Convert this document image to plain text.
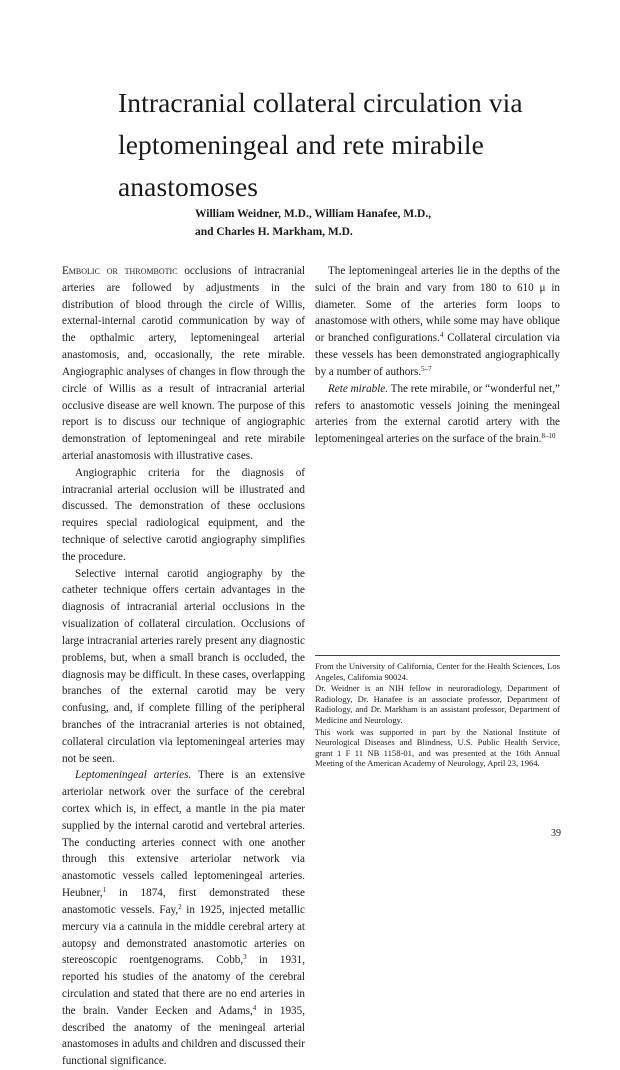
Intracranial collateral circulation via leptomeningeal and rete mirabile anastomoses
William Weidner, M.D., William Hanafee, M.D.,
and Charles H. Markham, M.D.

Embolic or thrombotic occlusions of intracranial arteries are followed by adjustments in the distribution of blood through the circle of Willis, external-internal carotid communication by way of the opthalmic artery, leptomeningeal arterial anastomosis, and, occasionally, the rete mirable. Angiographic analyses of changes in flow through the circle of Willis as a result of intracranial arterial occlusive disease are well known. The purpose of this report is to discuss our technique of angiographic demonstration of leptomeningeal and rete mirabile arterial anastomosis with illustrative cases.

Angiographic criteria for the diagnosis of intracranial arterial occlusion will be illustrated and discussed. The demonstration of these occlusions requires special radiological equipment, and the technique of selective carotid angiography simplifies the procedure.

Selective internal carotid angiography by the catheter technique offers certain advantages in the diagnosis of intracranial arterial occlusions in the visualization of collateral circulation. Occlusions of large intracranial arteries rarely present any diagnostic problems, but, when a small branch is occluded, the diagnosis may be difficult. In these cases, overlapping branches of the external carotid may be very confusing, and, if complete filling of the peripheral branches of the intracranial arteries is not obtained, collateral circulation via leptomeningeal arteries may not be seen.

Leptomeningeal arteries. There is an extensive arteriolar network over the surface of the cerebral cortex which is, in effect, a mantle in the pia mater supplied by the internal carotid and vertebral arteries. The conducting arteries connect with one another through this extensive arteriolar network via anastomotic vessels called leptomeningeal arteries. Heubner,$^1$ in 1874, first demonstrated these anastomotic vessels. Fay,$^2$ in 1925, injected metallic mercury via a cannula in the middle cerebral artery at autopsy and demonstrated anastomotic arteries on stereoscopic roentgenograms. Cobb,$^3$ in 1931, reported his studies of the anatomy of the cerebral circulation and stated that there are no end arteries in the brain. Vander Eecken and Adams,$^4$ in 1935, described the anatomy of the meningeal arterial anastomoses in adults and children and discussed their functional significance.

The leptomeningeal arteries lie in the depths of the sulci of the brain and vary from 180 to 610 μ in diameter. Some of the arteries form loops to anastomose with others, while some may have oblique or branched configurations.$^4$ Collateral circulation via these vessels has been demonstrated angiographically by a number of authors.$^{5-7}$

Rete mirable. The rete mirabile, or “wonderful net,” refers to anastomotic vessels joining the meningeal arteries from the external carotid artery with the leptomeningeal arteries on the surface of the brain.$^{8-10}$

From the University of California, Center for the Health Sciences, Los Angeles, California 90024.

Dr. Weidner is an NIH fellow in neuroradiology, Department of Radiology, Dr. Hanafee is an associate professor, Department of Radiology, and Dr. Markham is an assistant professor, Department of Medicine and Neurology.

This work was supported in part by the National Institute of Neurological Diseases and Blindness, U.S. Public Health Service, grant 1 F 11 NB 1158-01, and was presented at the 16th Annual Meeting of the American Academy of Neurology, April 23, 1964.

39
